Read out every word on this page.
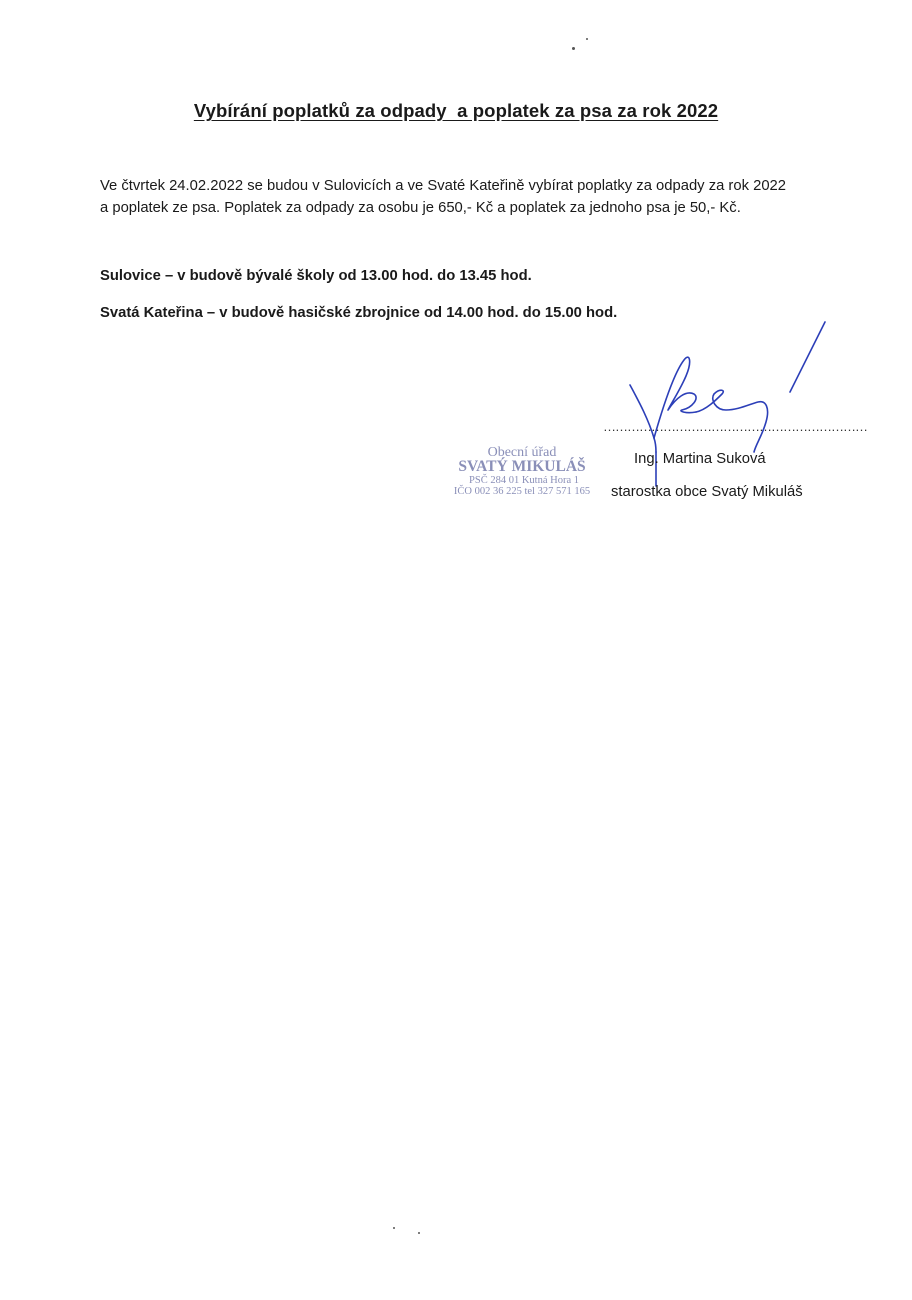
Vybírání poplatků za odpady  a poplatek za psa za rok 2022

Ve čtvrtek 24.02.2022 se budou v Sulovicích a ve Svaté Kateřině vybírat poplatky za odpady za rok 2022

a poplatek ze psa. Poplatek za odpady za osobu je 650,- Kč a poplatek za jednoho psa je 50,- Kč.

Sulovice – v budově bývalé školy od 13.00 hod. do 13.45 hod.
Svatá Kateřina – v budově hasičské zbrojnice od 14.00 hod. do 15.00 hod.
Obecní úřad
SVATÝ MIKULÁŠ
PSČ 284 01 Kutná Hora 1
IČO 002 36 225 tel 327 571 165
…………………………………………………………
Ing. Martina Suková
starostka obce Svatý Mikuláš
